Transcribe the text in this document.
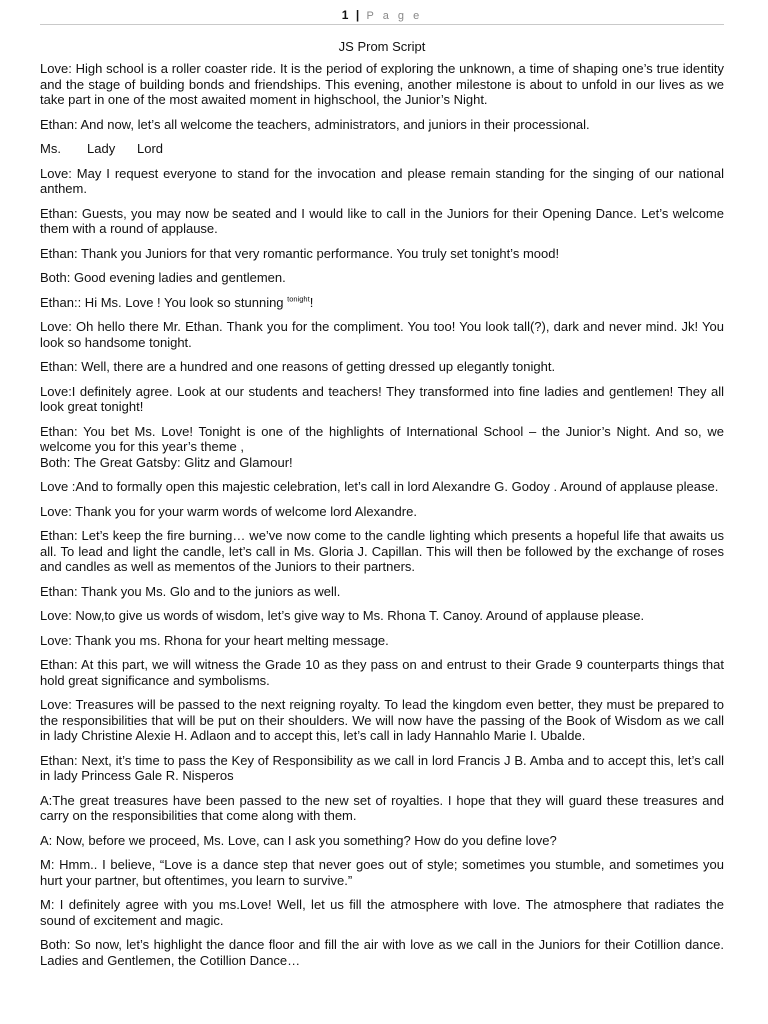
1 | P a g e
JS Prom Script

Love: High school is a roller coaster ride. It is the period of exploring the unknown, a time of shaping one’s true identity and the stage of building bonds and friendships. This evening, another milestone is about to unfold in our lives as we take part in one of the most awaited moment in highschool, the Junior’s Night.

Ethan: And now, let’s all welcome the teachers, administrators, and juniors in their processional.

Ms. Lady Lord

Love: May I request everyone to stand for the invocation and please remain standing for the singing of our national anthem.

Ethan: Guests, you may now be seated and I would like to call in the Juniors for their Opening Dance. Let’s welcome them with a round of applause.

Ethan: Thank you Juniors for that very romantic performance. You truly set tonight’s mood!

Both: Good evening ladies and gentlemen.

Ethan:: Hi Ms. Love ! You look so stunning $^{tonight}$!

Love: Oh hello there Mr. Ethan. Thank you for the compliment. You too! You look tall(?), dark and never mind. Jk! You look so handsome tonight.

Ethan: Well, there are a hundred and one reasons of getting dressed up elegantly tonight.

Love:I definitely agree. Look at our students and teachers! They transformed into fine ladies and gentlemen! They all look great tonight!

Ethan: You bet Ms. Love! Tonight is one of the highlights of International School – the Junior’s Night. And so, we welcome you for this year’s theme ,

Both: The Great Gatsby: Glitz and Glamour!

Love :And to formally open this majestic celebration, let’s call in lord Alexandre G. Godoy . Around of applause please.

Love: Thank you for your warm words of welcome lord Alexandre.

Ethan: Let’s keep the fire burning… we’ve now come to the candle lighting which presents a hopeful life that awaits us all. To lead and light the candle, let’s call in Ms. Gloria J. Capillan. This will then be followed by the exchange of roses and candles as well as mementos of the Juniors to their partners.

Ethan: Thank you Ms. Glo and to the juniors as well.

Love: Now,to give us words of wisdom, let’s give way to Ms. Rhona T. Canoy. Around of applause please.

Love: Thank you ms. Rhona for your heart melting message.

Ethan: At this part, we will witness the Grade 10 as they pass on and entrust to their Grade 9 counterparts things that hold great significance and symbolisms.

Love: Treasures will be passed to the next reigning royalty. To lead the kingdom even better, they must be prepared to the responsibilities that will be put on their shoulders. We will now have the passing of the Book of Wisdom as we call in lady Christine Alexie H. Adlaon and to accept this, let’s call in lady Hannahlo Marie I. Ubalde.

Ethan: Next, it’s time to pass the Key of Responsibility as we call in lord Francis J B. Amba and to accept this, let’s call in lady Princess Gale R. Nisperos

A:The great treasures have been passed to the new set of royalties. I hope that they will guard these treasures and carry on the responsibilities that come along with them.

A: Now, before we proceed, Ms. Love, can I ask you something? How do you define love?

M: Hmm.. I believe, “Love is a dance step that never goes out of style; sometimes you stumble, and sometimes you hurt your partner, but oftentimes, you learn to survive.”

M: I definitely agree with you ms.Love! Well, let us fill the atmosphere with love. The atmosphere that radiates the sound of excitement and magic.

Both: So now, let’s highlight the dance floor and fill the air with love as we call in the Juniors for their Cotillion dance. Ladies and Gentlemen, the Cotillion Dance…
